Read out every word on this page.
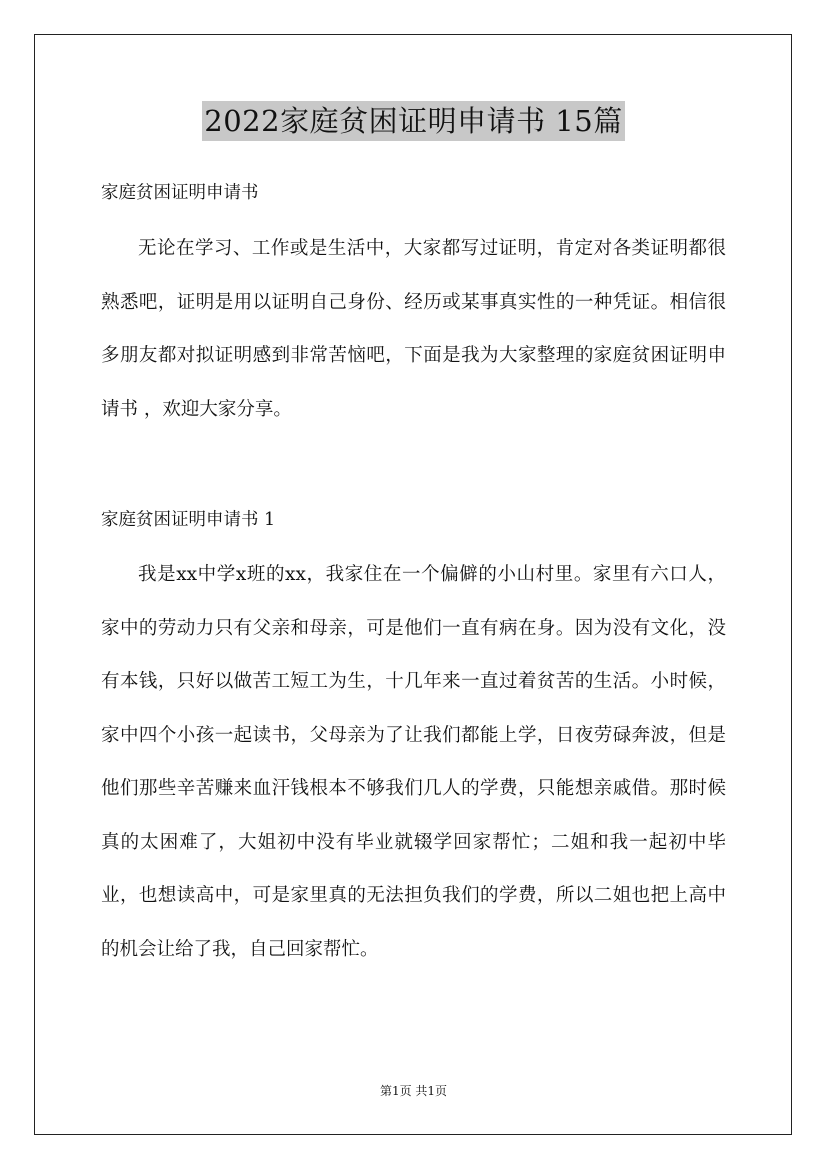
2022家庭贫困证明申请书 15篇

家庭贫困证明申请书

无论在学习、工作或是生活中，大家都写过证明，肯定对各类证明都很熟悉吧，证明是用以证明自己身份、经历或某事真实性的一种凭证。相信很多朋友都对拟证明感到非常苦恼吧，下面是我为大家整理的家庭贫困证明申请书 ，欢迎大家分享。

家庭贫困证明申请书 1

我是xx中学x班的xx，我家住在一个偏僻的小山村里。家里有六口人，家中的劳动力只有父亲和母亲，可是他们一直有病在身。因为没有文化，没有本钱，只好以做苦工短工为生，十几年来一直过着贫苦的生活。小时候，家中四个小孩一起读书，父母亲为了让我们都能上学，日夜劳碌奔波，但是他们那些辛苦赚来血汗钱根本不够我们几人的学费，只能想亲戚借。那时候真的太困难了，大姐初中没有毕业就辍学回家帮忙；二姐和我一起初中毕业，也想读高中，可是家里真的无法担负我们的学费，所以二姐也把上高中的机会让给了我，自己回家帮忙。

第1页 共1页
